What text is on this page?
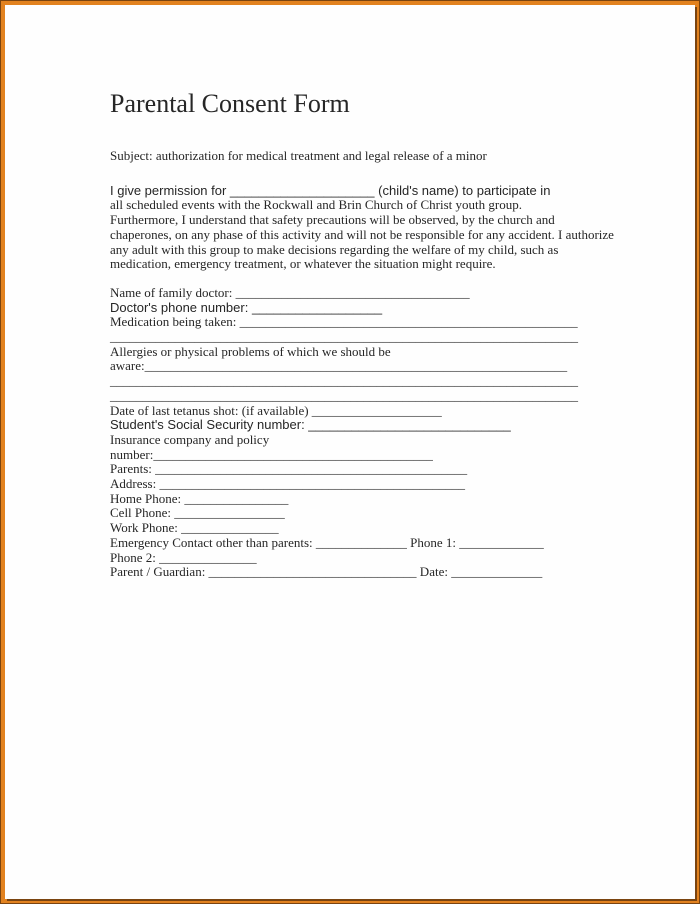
Parental Consent Form
Subject: authorization for medical treatment and legal release of a minor
I give permission for ____________________ (child's name) to participate in
all scheduled events with the Rockwall and Brin Church of Christ youth group.
Furthermore, I understand that safety precautions will be observed, by the church and
chaperones, on any phase of this activity and will not be responsible for any accident. I authorize
any adult with this group to make decisions regarding the welfare of my child, such as
medication, emergency treatment, or whatever the situation might require.
Name of family doctor: ____________________________________
Doctor's phone number: __________________
Medication being taken: ____________________________________________________
________________________________________________________________________
Allergies or physical problems of which we should be
aware:_________________________________________________________________
________________________________________________________________________
________________________________________________________________________
Date of last tetanus shot: (if available) ____________________
Student's Social Security number: ____________________________
Insurance company and policy
number:___________________________________________
Parents: ________________________________________________
Address: _______________________________________________
Home Phone: ________________
Cell Phone: _________________
Work Phone: _______________
Emergency Contact other than parents: ______________ Phone 1: _____________
Phone 2: _______________
Parent / Guardian: ________________________________ Date: ______________
